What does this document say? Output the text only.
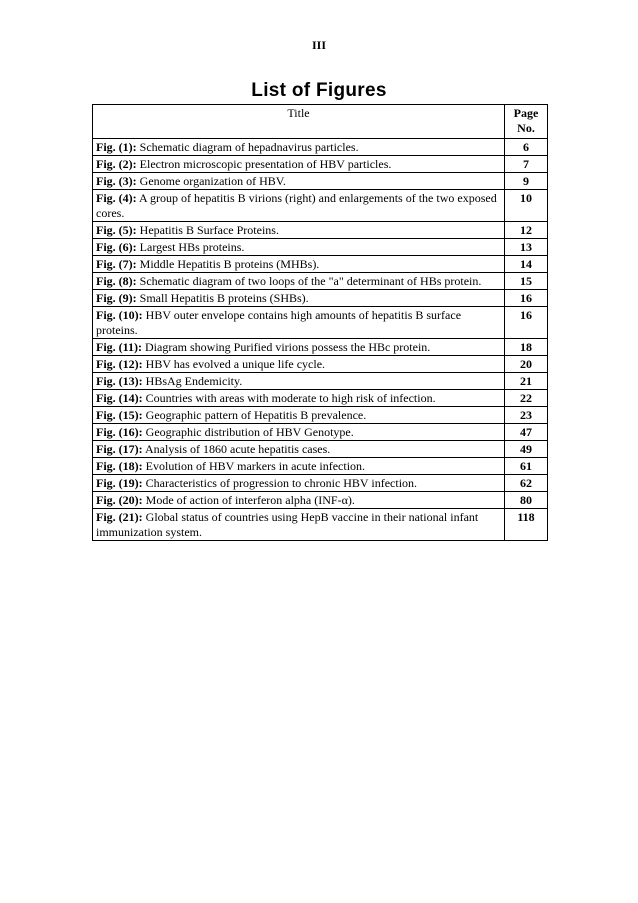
III
List of Figures
Title	Page No.
Fig. (1): Schematic diagram of hepadnavirus particles.	6
Fig. (2): Electron microscopic presentation of HBV particles.	7
Fig. (3): Genome organization of HBV.	9
Fig. (4): A group of hepatitis B virions (right) and enlargements of the two exposed cores.	10
Fig. (5): Hepatitis B Surface Proteins.	12
Fig. (6): Largest HBs proteins.	13
Fig. (7): Middle Hepatitis B proteins (MHBs).	14
Fig. (8): Schematic diagram of two loops of the "a" determinant of HBs protein.	15
Fig. (9): Small Hepatitis B proteins (SHBs).	16
Fig. (10): HBV outer envelope contains high amounts of hepatitis B surface proteins.	16
Fig. (11): Diagram showing Purified virions possess the HBc protein.	18
Fig. (12): HBV has evolved a unique life cycle.	20
Fig. (13): HBsAg Endemicity.	21
Fig. (14): Countries with areas with moderate to high risk of infection.	22
Fig. (15): Geographic pattern of Hepatitis B prevalence.	23
Fig. (16): Geographic distribution of HBV Genotype.	47
Fig. (17): Analysis of 1860 acute hepatitis cases.	49
Fig. (18): Evolution of HBV markers in acute infection.	61
Fig. (19): Characteristics of progression to chronic HBV infection.	62
Fig. (20): Mode of action of interferon alpha (INF-α).	80
Fig. (21): Global status of countries using HepB vaccine in their national infant immunization system.	118
